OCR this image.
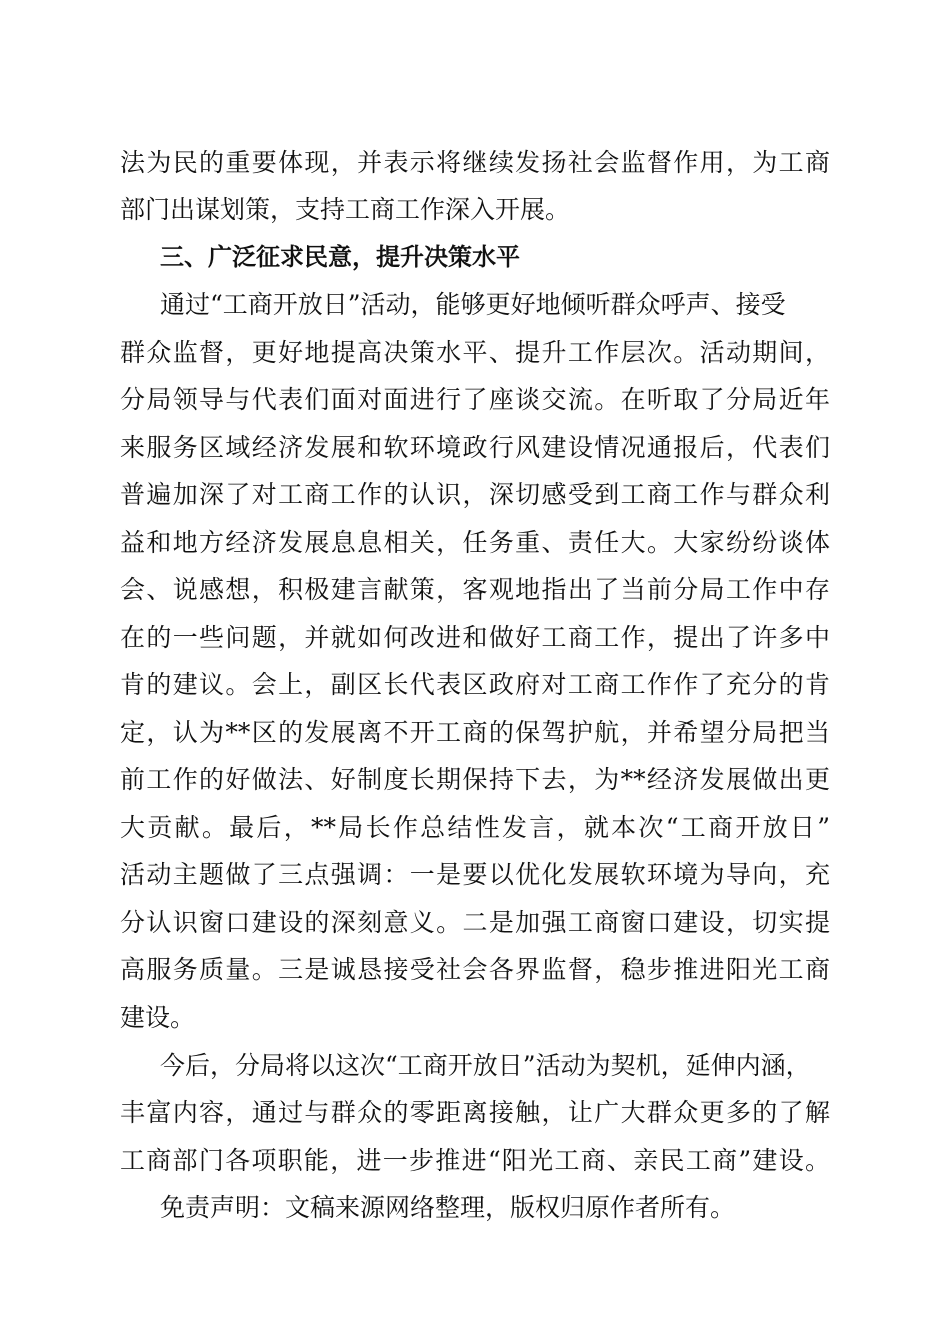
法为民的重要体现，并表示将继续发扬社会监督作用，为工商
部门出谋划策，支持工商工作深入开展。
三、广泛征求民意，提升决策水平
通过“工商开放日”活动，能够更好地倾听群众呼声、接受
群众监督，更好地提高决策水平、提升工作层次。活动期间，
分局领导与代表们面对面进行了座谈交流。在听取了分局近年
来服务区域经济发展和软环境政行风建设情况通报后，代表们
普遍加深了对工商工作的认识，深切感受到工商工作与群众利
益和地方经济发展息息相关，任务重、责任大。大家纷纷谈体
会、说感想，积极建言献策，客观地指出了当前分局工作中存
在的一些问题，并就如何改进和做好工商工作，提出了许多中
肯的建议。会上，副区长代表区政府对工商工作作了充分的肯
定，认为**区的发展离不开工商的保驾护航，并希望分局把当
前工作的好做法、好制度长期保持下去，为**经济发展做出更
大贡献。最后，**局长作总结性发言，就本次“工商开放日”
活动主题做了三点强调：一是要以优化发展软环境为导向，充
分认识窗口建设的深刻意义。二是加强工商窗口建设，切实提
高服务质量。三是诚恳接受社会各界监督，稳步推进阳光工商
建设。
今后，分局将以这次“工商开放日”活动为契机，延伸内涵，
丰富内容，通过与群众的零距离接触，让广大群众更多的了解
工商部门各项职能，进一步推进“阳光工商、亲民工商”建设。
免责声明：文稿来源网络整理，版权归原作者所有。
